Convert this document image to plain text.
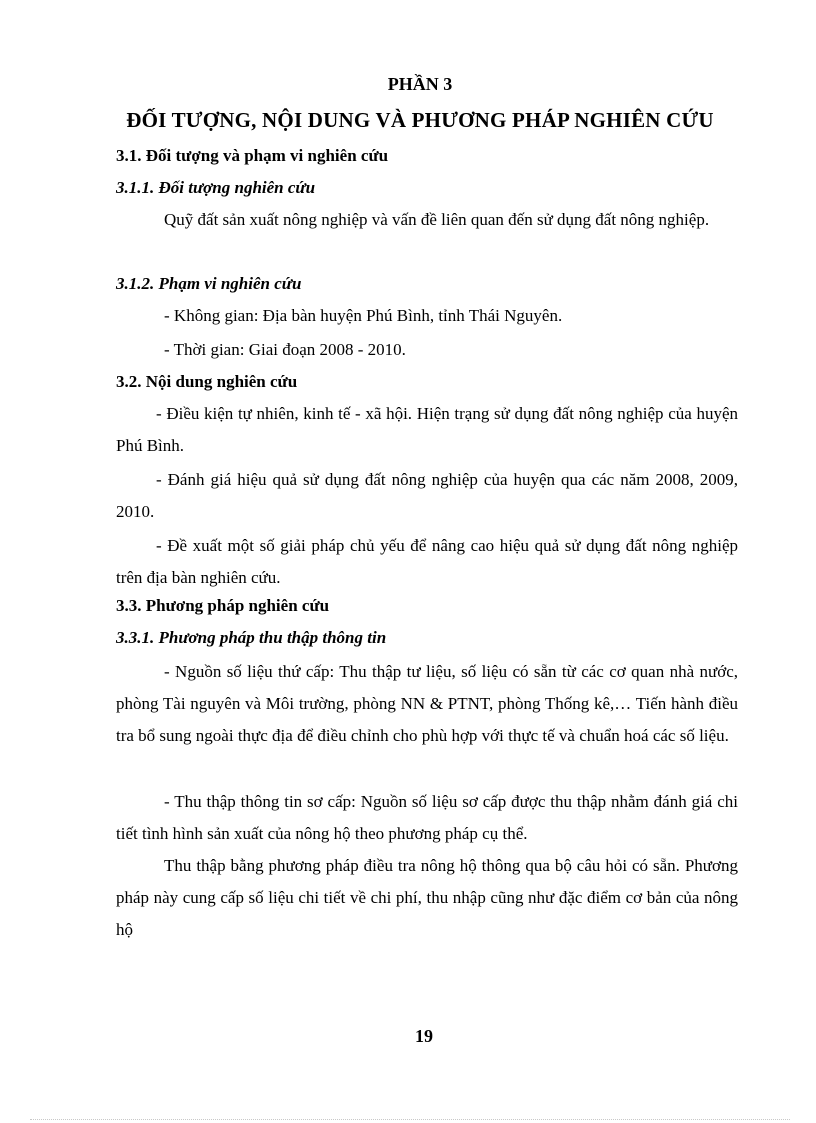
PHẦN 3
ĐỐI TƯỢNG, NỘI DUNG VÀ PHƯƠNG PHÁP NGHIÊN CỨU
3.1. Đối tượng và phạm vi nghiên cứu
3.1.1. Đối tượng nghiên cứu
Quỹ đất sản xuất nông nghiệp và vấn đề liên quan đến sử dụng đất nông nghiệp.
3.1.2. Phạm vi nghiên cứu
- Không gian: Địa bàn huyện Phú Bình, tỉnh Thái Nguyên.
- Thời gian: Giai đoạn 2008 - 2010.
3.2. Nội dung nghiên cứu
- Điều kiện tự nhiên, kinh tế - xã hội. Hiện trạng sử dụng đất nông nghiệp của huyện Phú Bình.
- Đánh giá hiệu quả sử dụng đất nông nghiệp của huyện qua các năm 2008, 2009, 2010.
- Đề xuất một số giải pháp chủ yếu để nâng cao hiệu quả sử dụng đất nông nghiệp trên địa bàn nghiên cứu.
3.3. Phương pháp nghiên cứu
3.3.1. Phương pháp thu thập thông tin
- Nguồn số liệu thứ cấp: Thu thập tư liệu, số liệu có sẵn từ các cơ quan nhà nước, phòng Tài nguyên và Môi trường, phòng NN & PTNT, phòng Thống kê,… Tiến hành điều tra bổ sung ngoài thực địa để điều chỉnh cho phù hợp với thực tế và chuẩn hoá các số liệu.
- Thu thập thông tin sơ cấp: Nguồn số liệu sơ cấp được thu thập nhằm đánh giá chi tiết tình hình sản xuất của nông hộ theo phương pháp cụ thể.
Thu thập bằng phương pháp điều tra nông hộ thông qua bộ câu hỏi có sẵn. Phương pháp này cung cấp số liệu chi tiết về chi phí, thu nhập cũng như đặc điểm cơ bản của nông hộ
19
